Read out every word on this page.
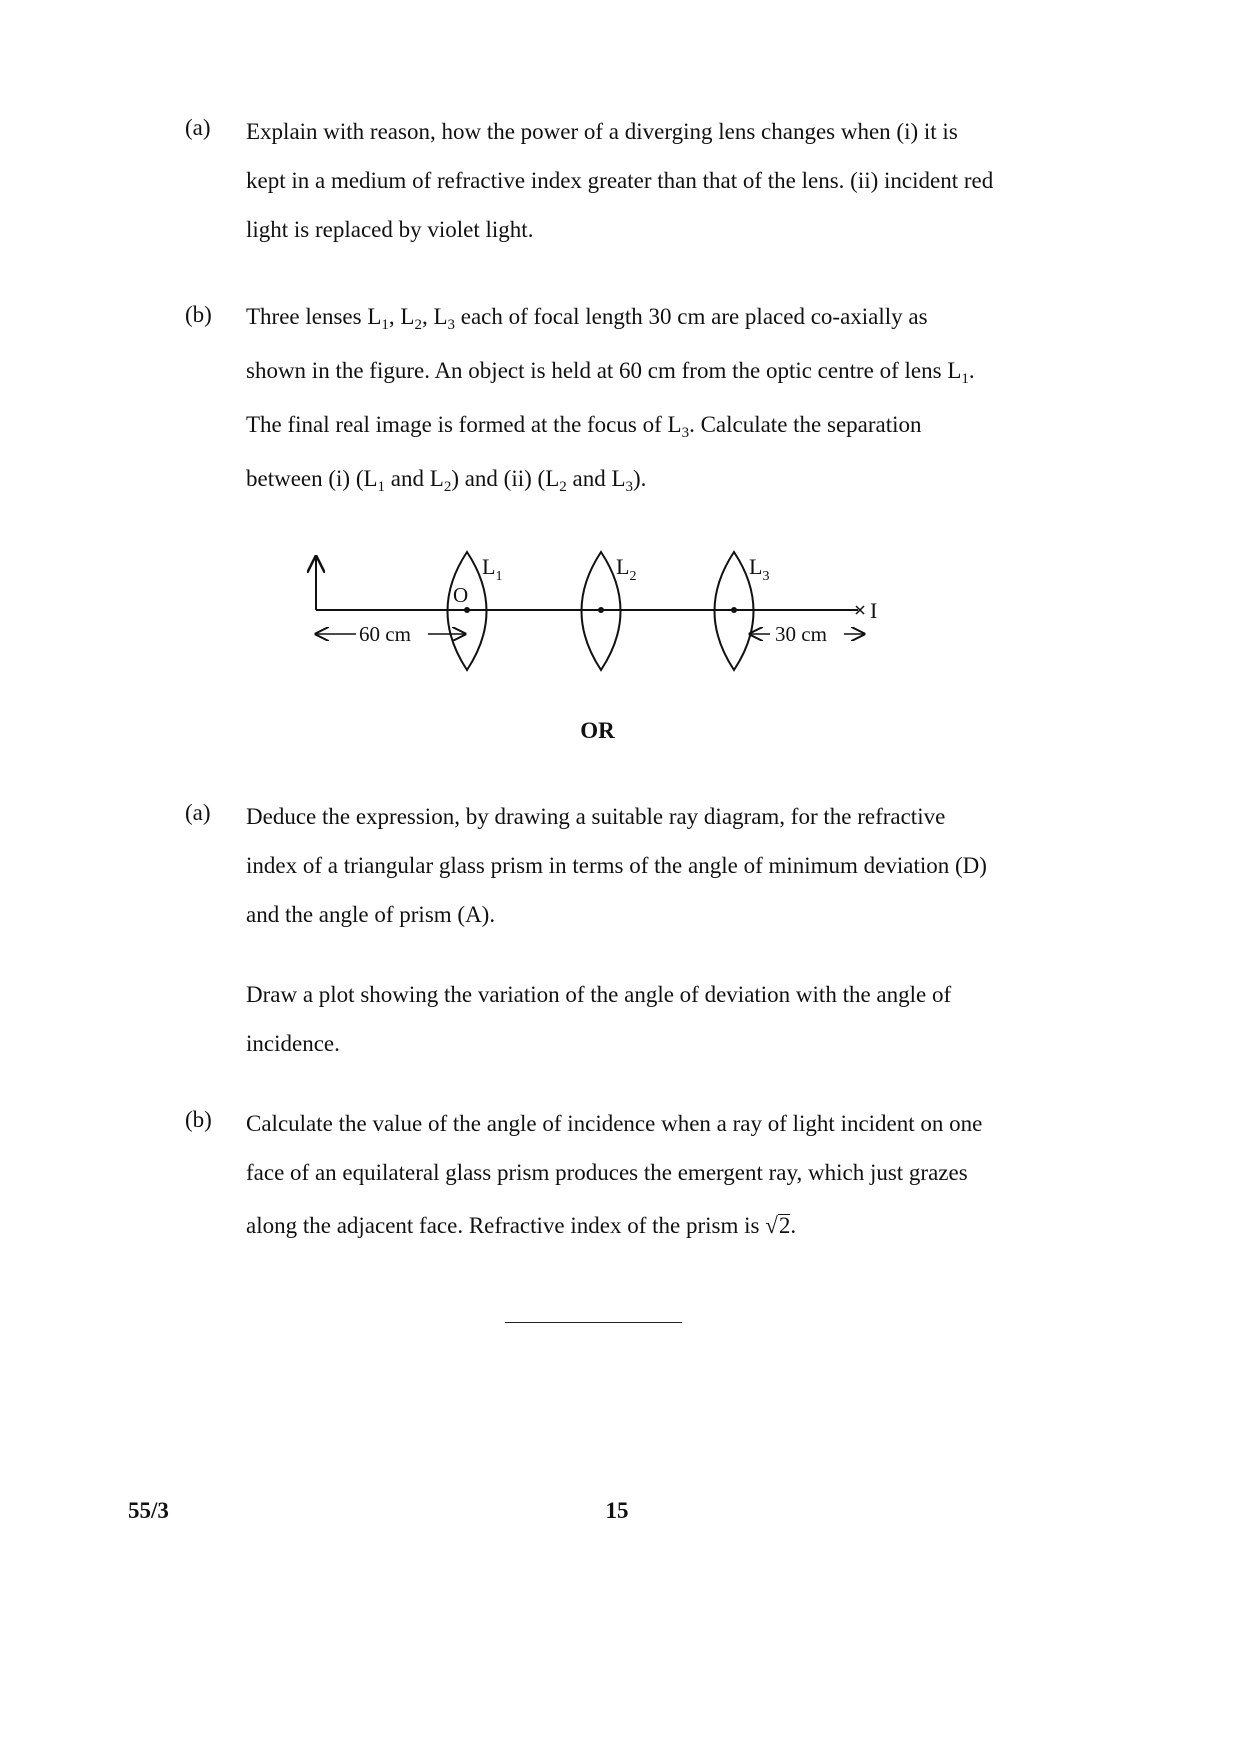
(a) Explain with reason, how the power of a diverging lens changes when (i) it is

kept in a medium of refractive index greater than that of the lens. (ii) incident red

light is replaced by violet light.

(b) Three lenses $L_1$, $L_2$, $L_3$ each of focal length 30 cm are placed co-axially as

shown in the figure. An object is held at 60 cm from the optic centre of lens $L_1$.

The final real image is formed at the focus of $L_3$. Calculate the separation

between (i) ($L_1$ and $L_2$) and (ii) ($L_2$ and $L_3$).

$L_1$	$L_2$	$L_3$
O
I
60 cm	30 cm
OR
(a) Deduce the expression, by drawing a suitable ray diagram, for the refractive

index of a triangular glass prism in terms of the angle of minimum deviation (D)

and the angle of prism (A).

Draw a plot showing the variation of the angle of deviation with the angle of

incidence.

(b) Calculate the value of the angle of incidence when a ray of light incident on one

face of an equilateral glass prism produces the emergent ray, which just grazes

along the adjacent face. Refractive index of the prism is √2.

55/3	15
